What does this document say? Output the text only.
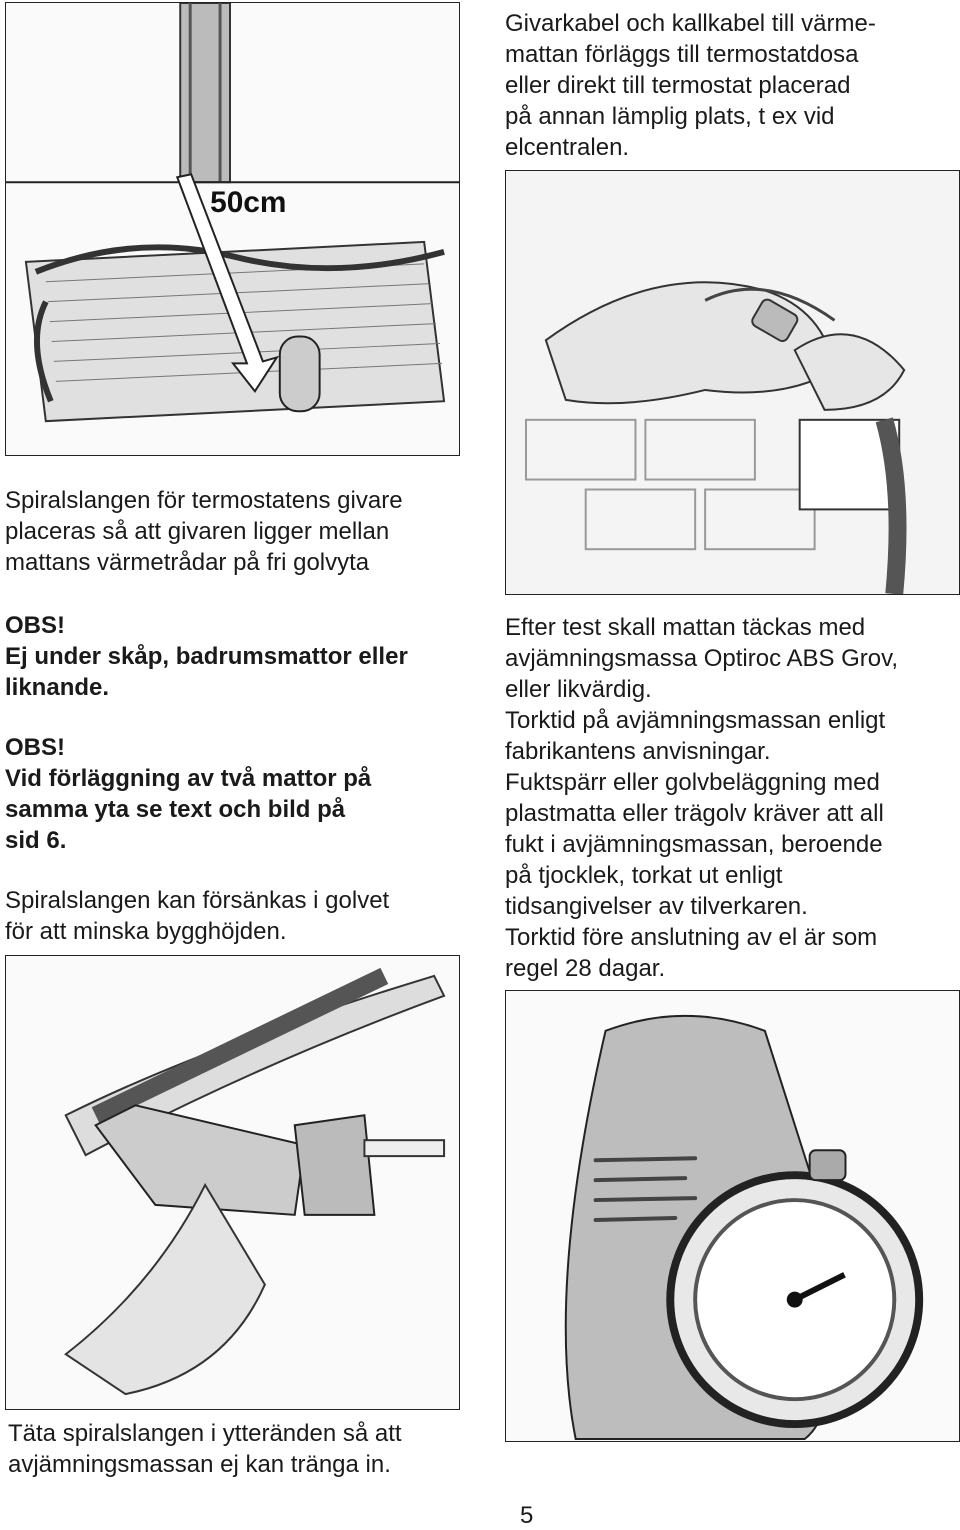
50cm
Givarkabel och kallkabel till värme-
mattan förläggs till termostatdosa
eller direkt till termostat placerad
på annan lämplig plats, t ex vid
elcentralen.
Spiralslangen för termostatens givare
placeras så att givaren ligger mellan
mattans värmetrådar på fri golvyta
OBS!
Ej under skåp, badrumsmattor eller
liknande.
OBS!
Vid förläggning av två mattor på
samma yta se text och bild på
sid 6.
Spiralslangen kan försänkas i golvet
för att minska bygghöjden.
Efter test skall mattan täckas med
avjämningsmassa Optiroc ABS Grov,
eller likvärdig.
Torktid på avjämningsmassan enligt
fabrikantens anvisningar.
Fuktspärr eller golvbeläggning med
plastmatta eller trägolv kräver att all
fukt i avjämningsmassan, beroende
på tjocklek, torkat ut enligt
tidsangivelser av tilverkaren.
Torktid före anslutning av el är som
regel 28 dagar.
Täta spiralslangen i ytteränden så att
avjämningsmassan ej kan tränga in.
5
